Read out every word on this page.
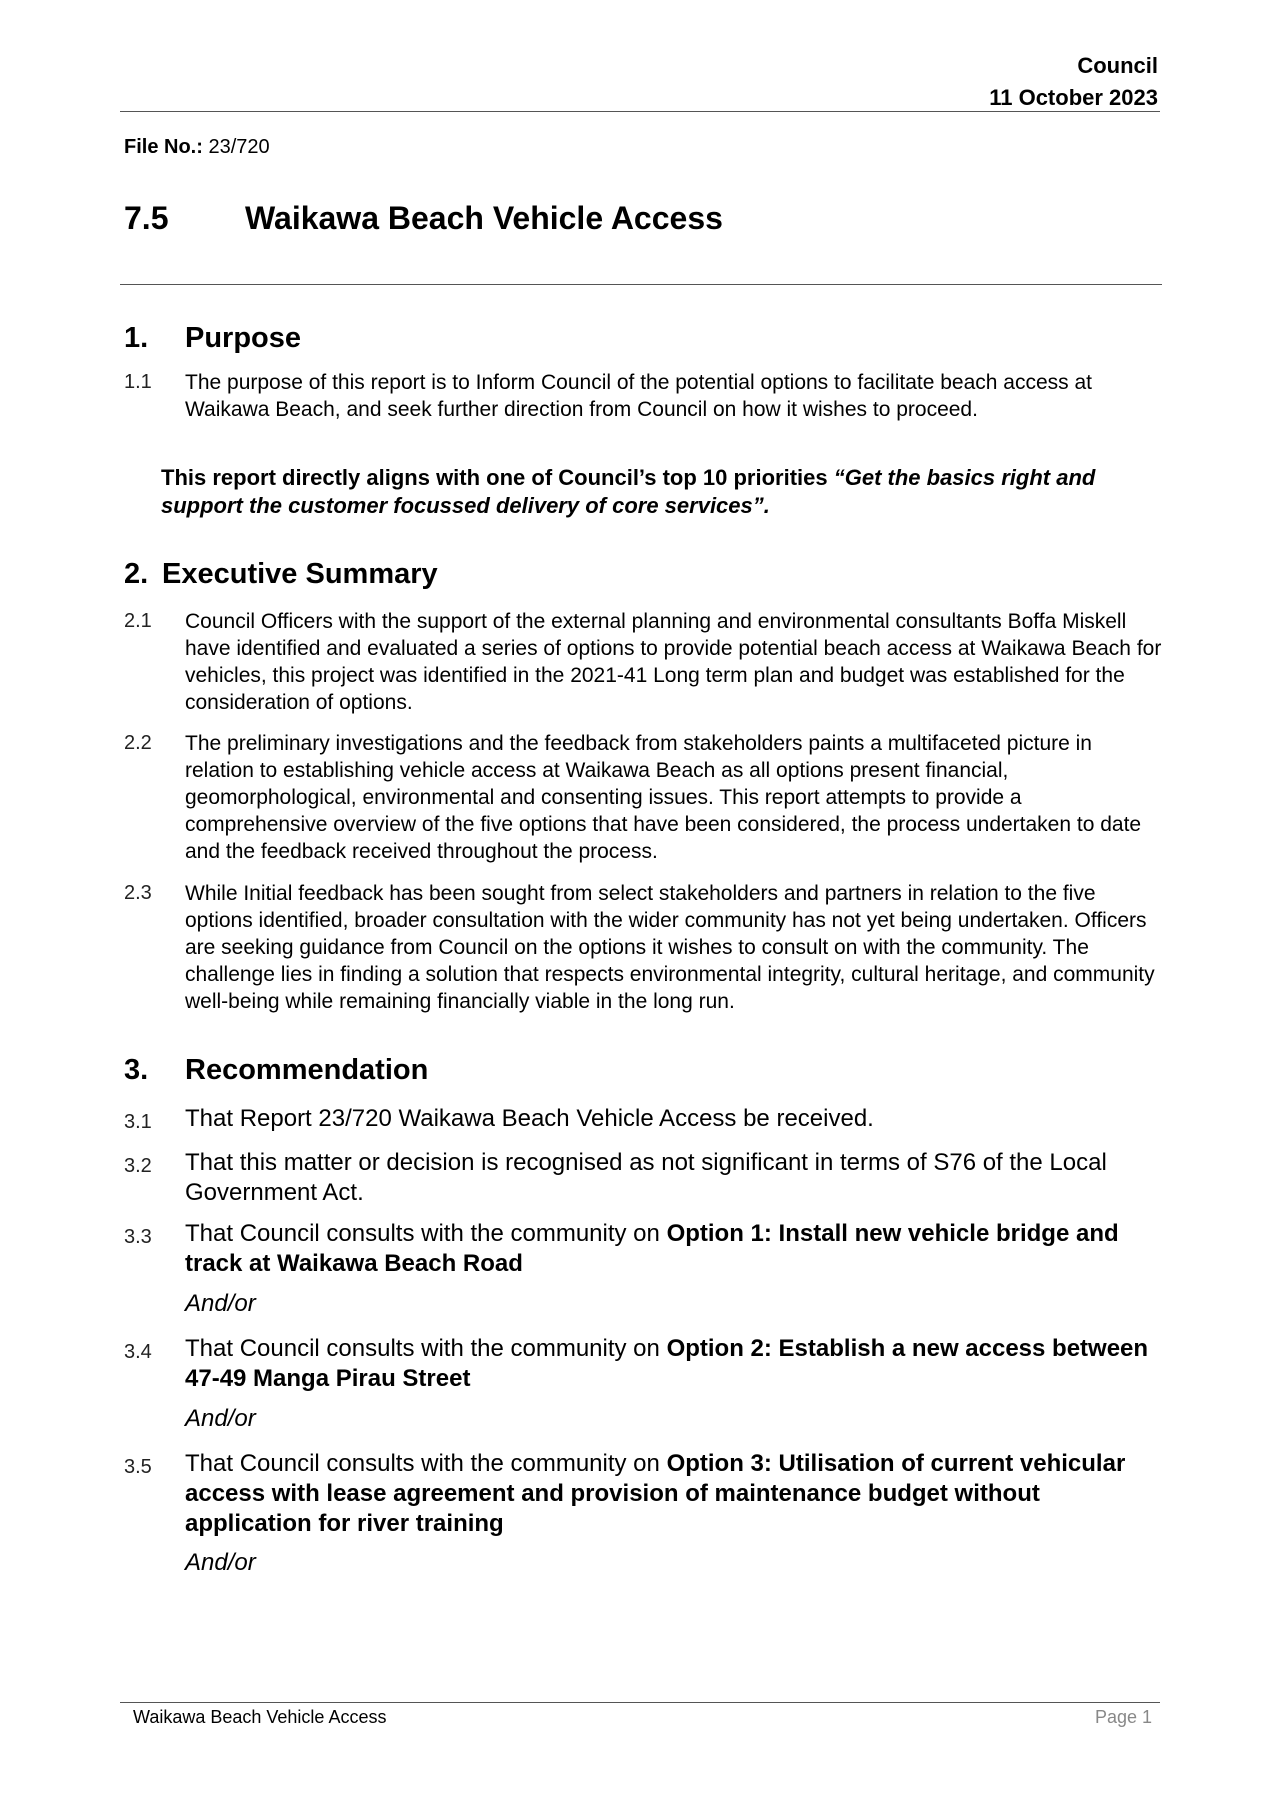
Council
11 October 2023
File No.: 23/720
7.5 Waikawa Beach Vehicle Access
1. Purpose
1.1 The purpose of this report is to Inform Council of the potential options to facilitate beach access at Waikawa Beach, and seek further direction from Council on how it wishes to proceed.
This report directly aligns with one of Council’s top 10 priorities “Get the basics right and support the customer focussed delivery of core services”.
2. Executive Summary
2.1 Council Officers with the support of the external planning and environmental consultants Boffa Miskell have identified and evaluated a series of options to provide potential beach access at Waikawa Beach for vehicles, this project was identified in the 2021-41 Long term plan and budget was established for the consideration of options.
2.2 The preliminary investigations and the feedback from stakeholders paints a multifaceted picture in relation to establishing vehicle access at Waikawa Beach as all options present financial, geomorphological, environmental and consenting issues. This report attempts to provide a comprehensive overview of the five options that have been considered, the process undertaken to date and the feedback received throughout the process.
2.3 While Initial feedback has been sought from select stakeholders and partners in relation to the five options identified, broader consultation with the wider community has not yet being undertaken. Officers are seeking guidance from Council on the options it wishes to consult on with the community. The challenge lies in finding a solution that respects environmental integrity, cultural heritage, and community well-being while remaining financially viable in the long run.
3. Recommendation
3.1 That Report 23/720 Waikawa Beach Vehicle Access be received.
3.2 That this matter or decision is recognised as not significant in terms of S76 of the Local Government Act.
3.3 That Council consults with the community on Option 1: Install new vehicle bridge and track at Waikawa Beach Road
And/or
3.4 That Council consults with the community on Option 2: Establish a new access between 47-49 Manga Pirau Street
And/or
3.5 That Council consults with the community on Option 3: Utilisation of current vehicular access with lease agreement and provision of maintenance budget without application for river training
And/or
Waikawa Beach Vehicle Access	Page 1
